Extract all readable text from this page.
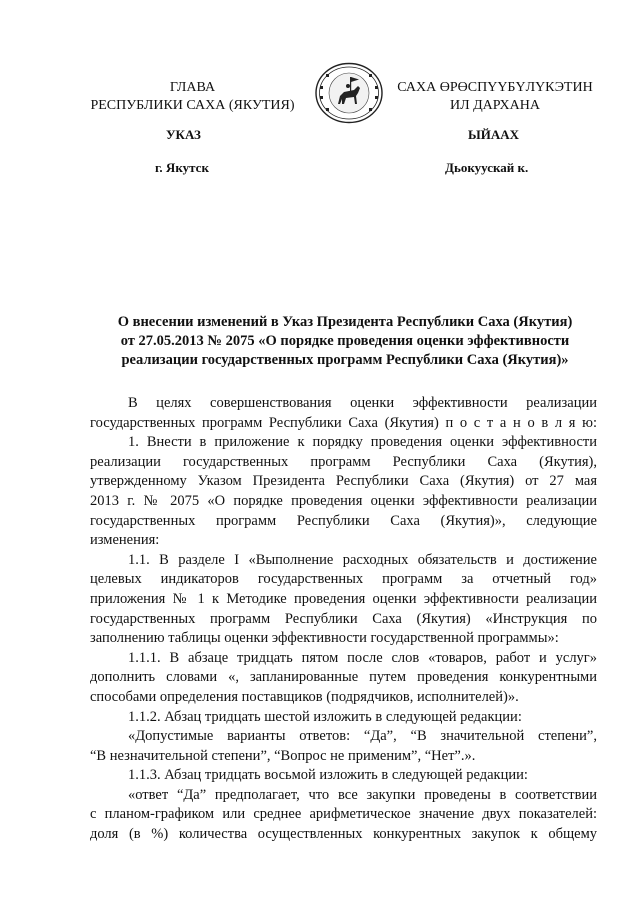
ГЛАВА
РЕСПУБЛИКИ САХА (ЯКУТИЯ)
УКАЗ
г. Якутск
САХА ӨРӨСПҮҮБҮЛҮКЭТИН
ИЛ ДАРХАНА
ЫЙААХ
Дьокуускай к.
О внесении изменений в Указ Президента Республики Саха (Якутия)
от 27.05.2013 № 2075 «О порядке проведения оценки эффективности
реализации государственных программ Республики Саха (Якутия)»
В целях совершенствования оценки эффективности реализации
государственных программ Республики Саха (Якутия) п о с т а н о в л я ю:
1. Внести в приложение к порядку проведения оценки эффективности
реализации государственных программ Республики Саха (Якутия),
утвержденному Указом Президента Республики Саха (Якутия) от 27 мая
2013 г. № 2075 «О порядке проведения оценки эффективности реализации
государственных программ Республики Саха (Якутия)», следующие
изменения:
1.1. В разделе I «Выполнение расходных обязательств и достижение
целевых индикаторов государственных программ за отчетный год»
приложения № 1 к Методике проведения оценки эффективности реализации
государственных программ Республики Саха (Якутия) «Инструкция по
заполнению таблицы оценки эффективности государственной программы»:
1.1.1. В абзаце тридцать пятом после слов «товаров, работ и услуг»
дополнить словами «, запланированные путем проведения конкурентными
способами определения поставщиков (подрядчиков, исполнителей)».
1.1.2. Абзац тридцать шестой изложить в следующей редакции:
«Допустимые варианты ответов: “Да”, “В значительной степени”,
“В незначительной степени”, “Вопрос не применим”, “Нет”.».
1.1.3. Абзац тридцать восьмой изложить в следующей редакции:
«ответ “Да” предполагает, что все закупки проведены в соответствии
с планом-графиком или среднее арифметическое значение двух показателей:
доля (в %) количества осуществленных конкурентных закупок к общему
